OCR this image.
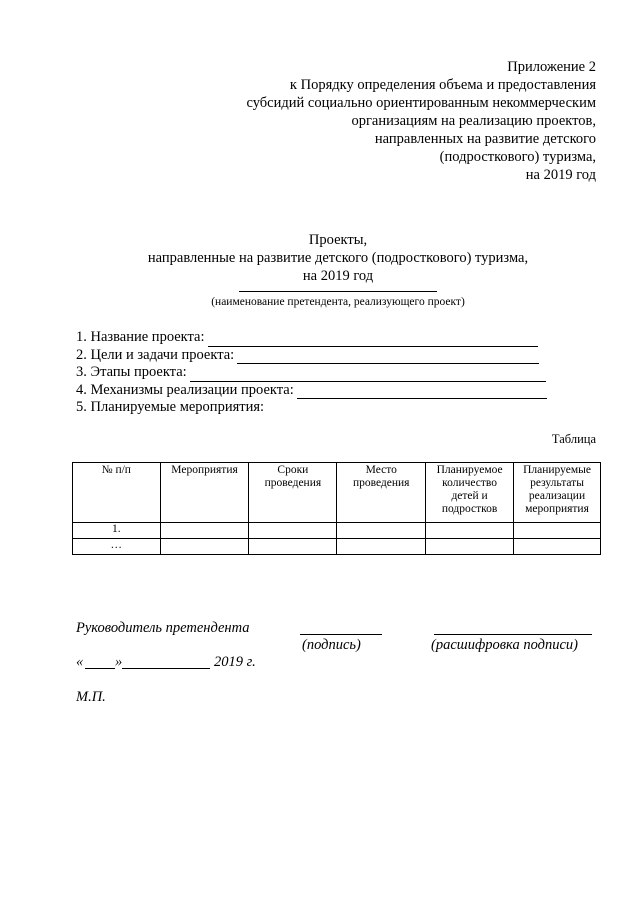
Приложение 2
к Порядку определения объема и предоставления
субсидий социально ориентированным некоммерческим
организациям на реализацию проектов,
направленных на развитие детского
(подросткового) туризма,
на 2019 год
Проекты,
направленные на развитие детского (подросткового) туризма,
на 2019 год
(наименование претендента, реализующего проект)
1. Название проекта:
2. Цели и задачи проекта:
3. Этапы проекта:
4. Механизмы реализации проекта:
5. Планируемые мероприятия:
Таблица
№ п/п	Мероприятия	Сроки проведения	Место проведения	Планируемое количество детей и подростков	Планируемые результаты реализации мероприятия
1.					
…					
Руководитель претендента
(подпись)	(расшифровка подписи)
« »	2019 г.
М.П.
